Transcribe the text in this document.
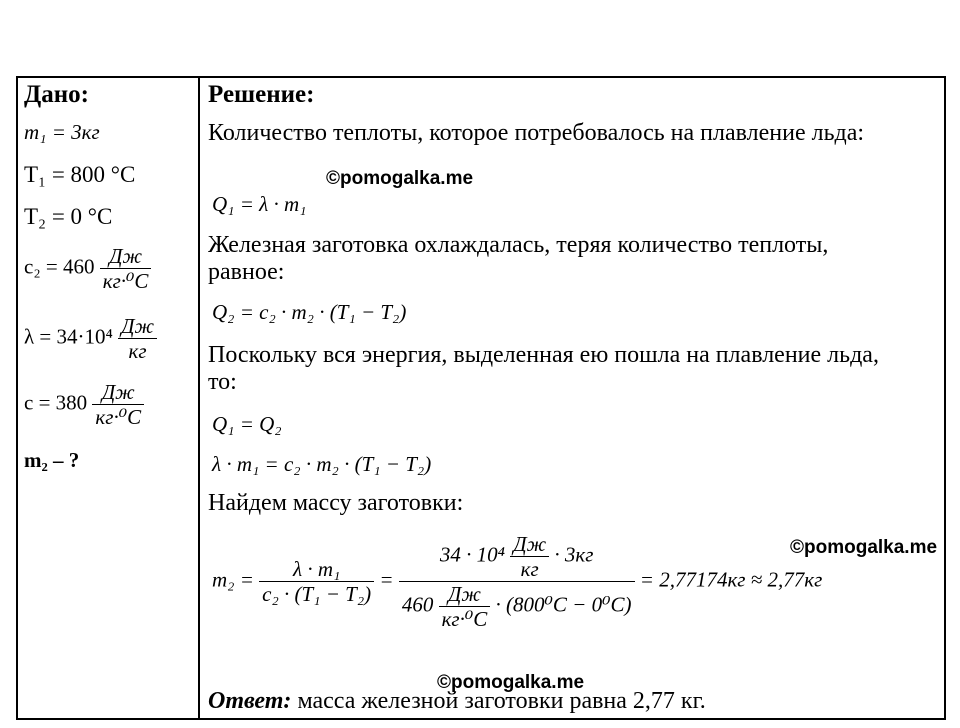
Дано:
m₁ = 3кг
T₁ = 800 °C
T₂ = 0 °C
c₂ = 460 Дж
кг·⁰C
λ = 34·10⁴ Дж
кг
c = 380 Дж
кг·⁰C
m₂ – ?
Решение:
Количество теплоты, которое потребовалось на плавление льда:
Q₁ = λ · m₁
Железная заготовка охлаждалась, теряя количество теплоты, равное:
Q₂ = c₂ · m₂ · (T₁ − T₂)
Поскольку вся энергия, выделенная ею пошла на плавление льда, то:
Q₁ = Q₂
λ · m₁ = c₂ · m₂ · (T₁ − T₂)
Найдем массу заготовки:
$m_2 = \frac{\text{λ · m₁}}{\text{c₂ · (T₁ − T₂)}}$ =
34 · 10⁴ Дж
кг
· 3кг
460 Дж
кг·⁰C
· (800⁰C − 0⁰C)
= 2,77174кг ≈ 2,77кг
Ответ: масса железной заготовки равна 2,77 кг.
©pomogalka.me
©pomogalka.me
©pomogalka.me
